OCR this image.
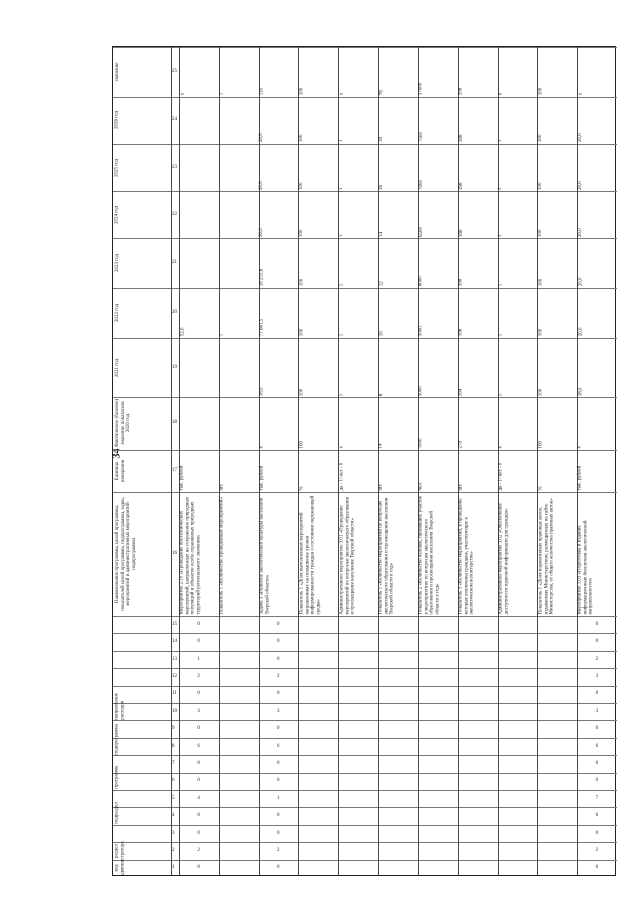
34
значение
Единица измерения
Фактическое (базовое) значение показателя 2020 год
Наименование программы, целей программы, показателей целей программы, подпрограммы, задач, мероприятий и административных мероприятий подпрограммы
2021 год
2022 год
2023 год
2024 год
2025 год
2026 год
код администратора
раздел
подраздел
программа
подпрограмма
направление расходов
1
2
3
4
5
6
7
8
9
10
11
12
13
14
15
16
17
18
19
20
21
22
23
24
25
Мероприятие 2.10 «Проведение биотехнических мероприятий, направленных на сохранение природных популяций и объектов особо охраняемых природных территорий регионального значения»
тыс. рублей
52,0
х
0
2
0
0
4
0
0
6
0
3
0
2
1
0
0
Показатель 1 «Количество проведенных мероприятий»
шт.
1
1
Задача 3 «Развитие экологической культуры населения Тверской области»
тыс. рублей
х
18,0
71 661,5
18 255,8
20,0
20,0
20,0
110
0
2
0
0
1
0
0
6
0
3
0
2
0
0
0
Показатель 1 «Доля выполненных мероприятий направленных на повышение уровня информированности граждан о состоянии окружающей среды»
%
100
100
100
100
100
100
100
100
Административное мероприятие 3.01 «Проведение мероприятий по вопросам экологического образования и просвещения населения Тверской области»
да - 1/ нет - 0
х
1
1
1
1
1
1
х
Показатель 1 «Количество мероприятий по вопросам экологического образования и просвещения населения Тверской области в год»
шт.
14
8
10
12
14
16
18
78
Показатель 2 «Количество человек, принявших участие в мероприятиях по вопросам экологического образования и просвещения населения Тверской области в год»
чел.
7000
5000
5000
6000
6500
7000
7500
37000
Показатель 3 «Количество мероприятий, в проведение которых вовлечены граждане, участвующие в экологическом волонтерстве»
шт.
278
394
396
398
398
398
398
398
Административное мероприятие 3.02 «Обеспечение доступности правовой информации для граждан»
да - 1/ нет - 0
х
1
1
1
1
1
1
х
Показатель 1 «Доля нормативных правовых актов, издаваемых Министерством, размещенных на сайте Министерства, от общего количества правовых актов»
%
100
100
100
100
100
100
100
100
Мероприятие 3.03 «Подготовка и издание информационных бюллетеня экологической направленности»
тыс. рублей
х
18,0
20,0
20,0
20,0
20,0
20,0
х
0
2
0
0
7
0
0
6
0
3
0
3
2
0
0
